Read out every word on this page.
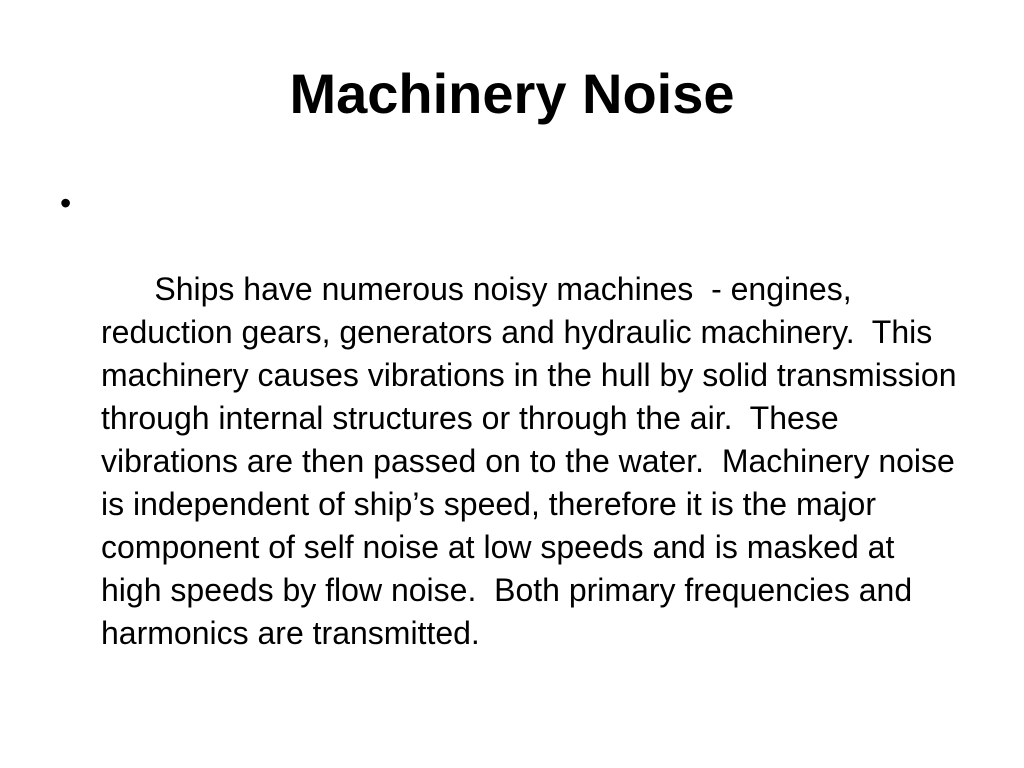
Machinery Noise

•

Ships have numerous noisy machines  - engines, reduction gears, generators and hydraulic machinery.  This machinery causes vibrations in the hull by solid transmission through internal structures or through the air.  These vibrations are then passed on to the water.  Machinery noise is independent of ship’s speed, therefore it is the major component of self noise at low speeds and is masked at high speeds by flow noise.  Both primary frequencies and harmonics are transmitted.
